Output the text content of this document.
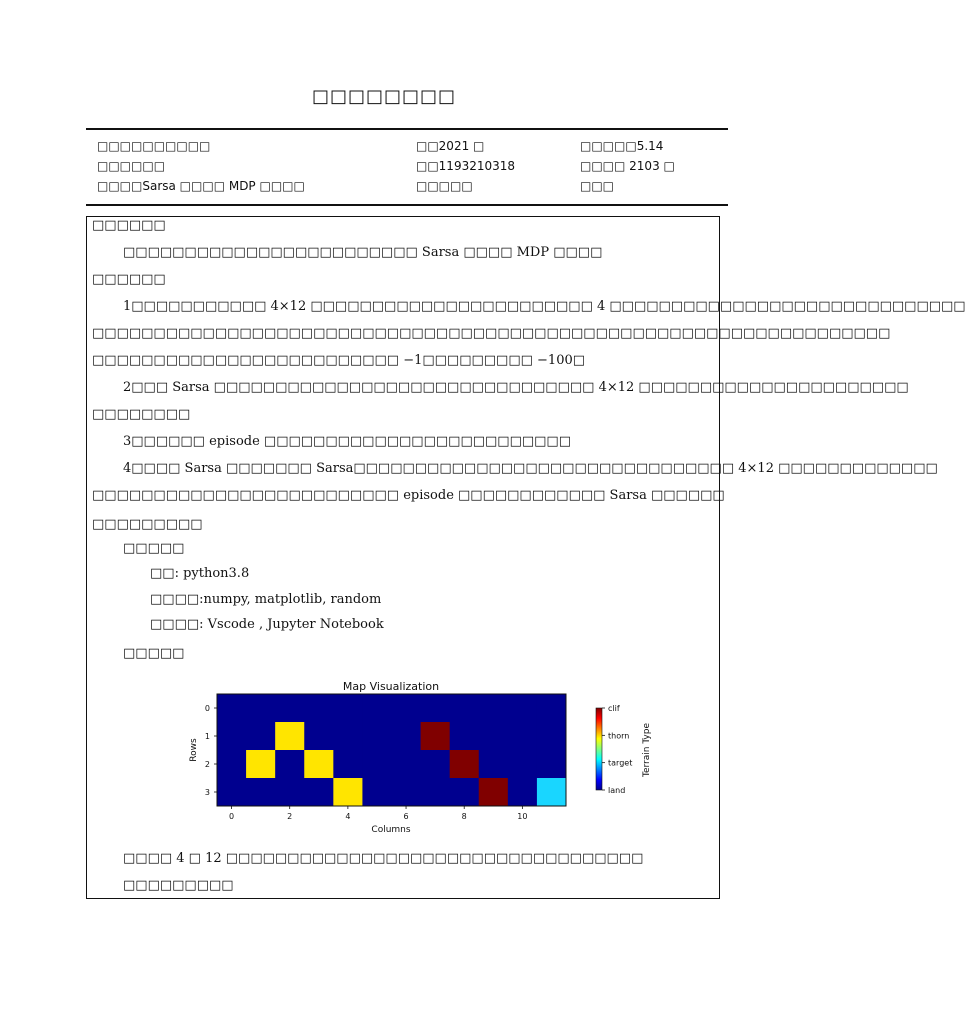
□□□□□□□□
□□□□□□□□□□	□□2021 □	□□□□□5.14
□□□□□□	□□1193210318	□□□□ 2103 □
□□□□Sarsa □□□□ MDP □□□□	□□□□□	□□□
□□□□□□
□□□□□□□□□□□□□□□□□□□□□□□□ Sarsa □□□□ MDP □□□□
□□□□□□
1□□□□□□□□□□□ 4×12 □□□□□□□□□□□□□□□□□□□□□□□ 4 □□□□□□□□□□□□□□□□□□□□□□□□□□□□□
□□□□□□□□□□□□□□□□□□□□□□□□□□□□□□□□□□□□□□□□□□□□□□□□□□□□□□□□□□□□□□□□□
□□□□□□□□□□□□□□□□□□□□□□□□□ −1□□□□□□□□□ −100□
2□□□ Sarsa □□□□□□□□□□□□□□□□□□□□□□□□□□□□□□□ 4×12 □□□□□□□□□□□□□□□□□□□□□□
□□□□□□□□
3□□□□□□ episode □□□□□□□□□□□□□□□□□□□□□□□□□
4□□□□ Sarsa □□□□□□□ Sarsa□□□□□□□□□□□□□□□□□□□□□□□□□□□□□□□ 4×12 □□□□□□□□□□□□□
□□□□□□□□□□□□□□□□□□□□□□□□□ episode □□□□□□□□□□□□ Sarsa □□□□□□
□□□□□□□□□
□□□□□
□□: python3.8
□□□□:numpy, matplotlib, random
□□□□: Vscode , Jupyter Notebook
□□□□□
Map Visualization
0	2	4	6	8	10
0
1
2
3
Columns
Rows
land
target
thorn
clif
Terrain Type
□□□□ 4 □ 12 □□□□□□□□□□□□□□□□□□□□□□□□□□□□□□□□□□
□□□□□□□□□
